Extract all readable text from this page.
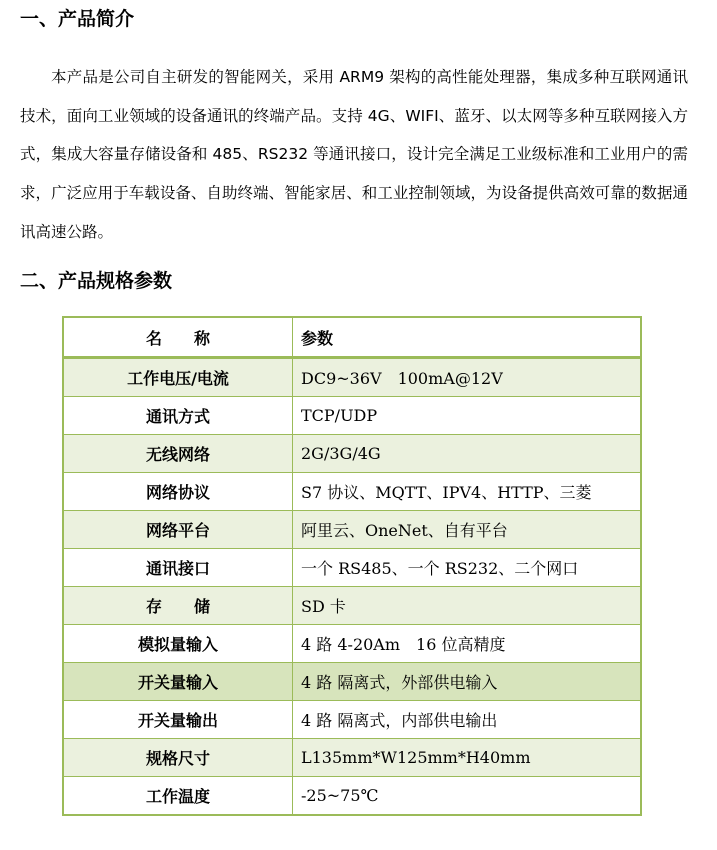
一、产品简介

本产品是公司自主研发的智能网关，采用 ARM9 架构的高性能处理器，集成多种互联网通讯技术，面向工业领域的设备通讯的终端产品。支持 4G、WIFI、蓝牙、以太网等多种互联网接入方式，集成大容量存储设备和 485、RS232 等通讯接口，设计完全满足工业级标准和工业用户的需求，广泛应用于车载设备、自助终端、智能家居、和工业控制领域，为设备提供高效可靠的数据通讯高速公路。

二、产品规格参数
名　　称	参数
工作电压/电流	DC9~36V　100mA@12V
通讯方式	TCP/UDP
无线网络	2G/3G/4G
网络协议	S7 协议、MQTT、IPV4、HTTP、三菱
网络平台	阿里云、OneNet、自有平台
通讯接口	一个 RS485、一个 RS232、二个网口
存　　储	SD 卡
模拟量输入	4 路 4-20Am　16 位高精度
开关量输入	4 路 隔离式，外部供电输入
开关量输出	4 路 隔离式，内部供电输出
规格尺寸	L135mm*W125mm*H40mm
工作温度	-25~75℃
